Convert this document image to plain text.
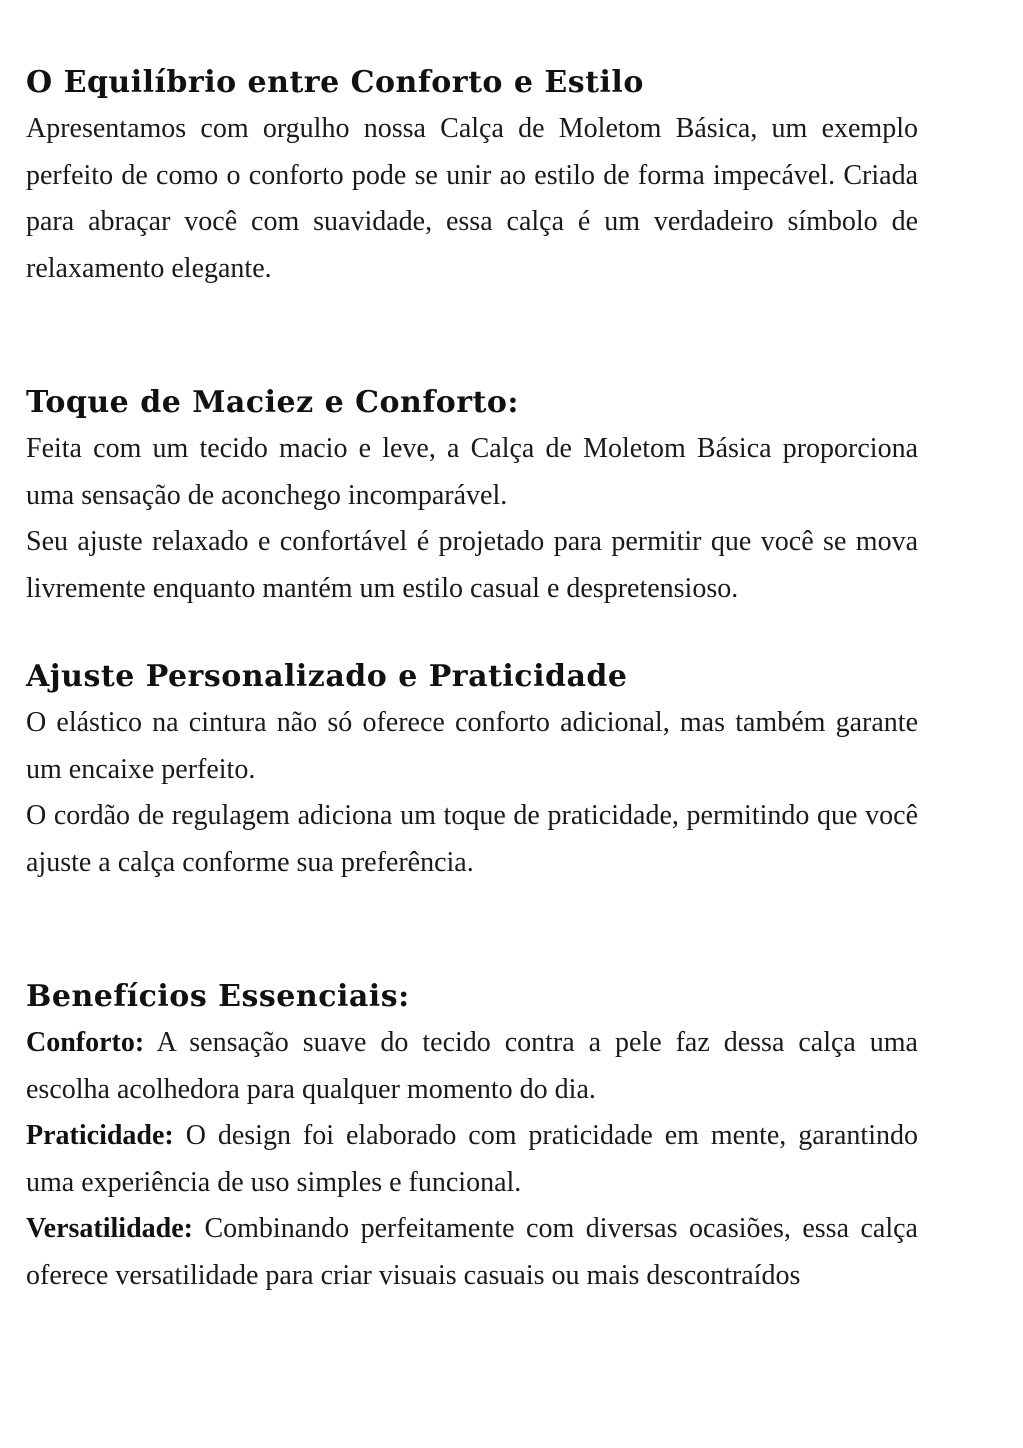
O Equilíbrio entre Conforto e Estilo

Apresentamos com orgulho nossa Calça de Moletom Básica, um exemplo perfeito de como o conforto pode se unir ao estilo de forma impecável. Criada para abraçar você com suavidade, essa calça é um verdadeiro símbolo de relaxamento elegante.

Toque de Maciez e Conforto:

Feita com um tecido macio e leve, a Calça de Moletom Básica proporciona uma sensação de aconchego incomparável.

Seu ajuste relaxado e confortável é projetado para permitir que você se mova livremente enquanto mantém um estilo casual e despretensioso.

Ajuste Personalizado e Praticidade

O elástico na cintura não só oferece conforto adicional, mas também garante um encaixe perfeito.

O cordão de regulagem adiciona um toque de praticidade, permitindo que você ajuste a calça conforme sua preferência.

Benefícios Essenciais:

Conforto: A sensação suave do tecido contra a pele faz dessa calça uma escolha acolhedora para qualquer momento do dia.

Praticidade: O design foi elaborado com praticidade em mente, garantindo uma experiência de uso simples e funcional.

Versatilidade: Combinando perfeitamente com diversas ocasiões, essa calça oferece versatilidade para criar visuais casuais ou mais descontraídos
